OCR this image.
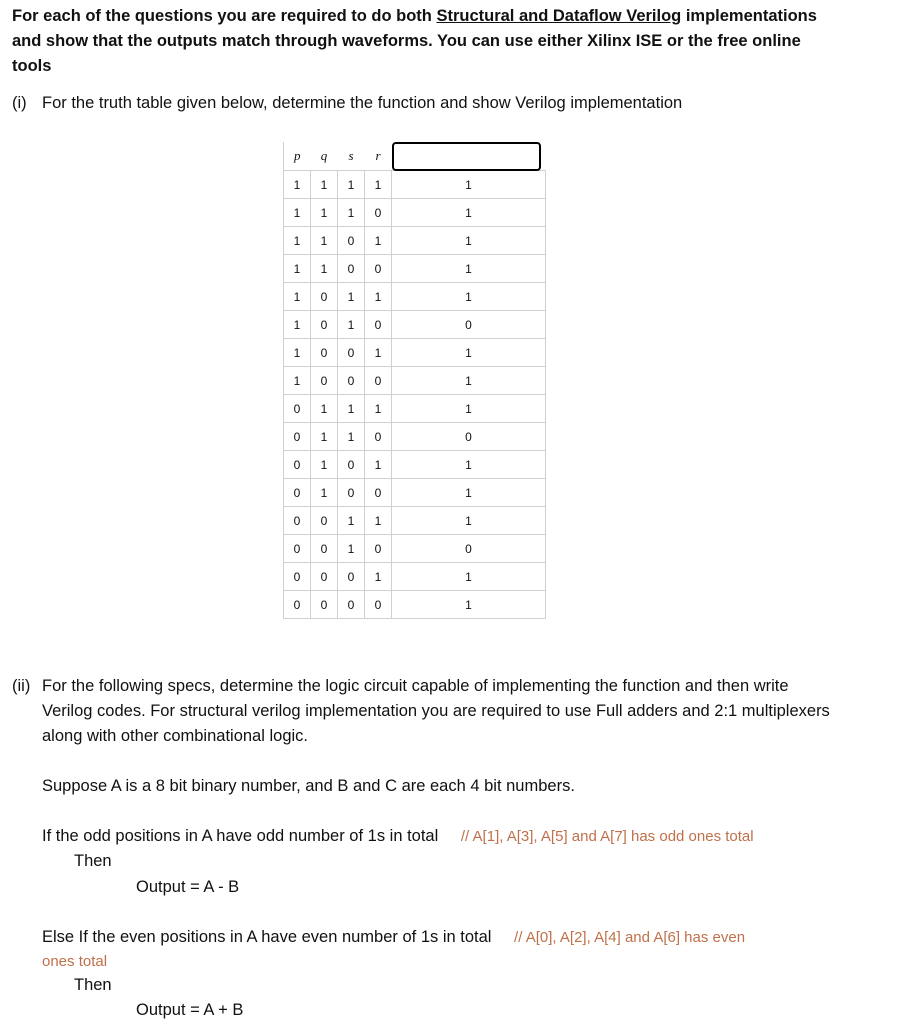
For each of the questions you are required to do both Structural and Dataflow Verilog implementations and show that the outputs match through waveforms. You can use either Xilinx ISE or the free online tools
(i) For the truth table given below, determine the function and show Verilog implementation
p	q	s	r	

1	1	1	1	1
1	1	1	0	1
1	1	0	1	1
1	1	0	0	1
1	0	1	1	1
1	0	1	0	0
1	0	0	1	1
1	0	0	0	1
0	1	1	1	1
0	1	1	0	0
0	1	0	1	1
0	1	0	0	1
0	0	1	1	1
0	0	1	0	0
0	0	0	1	1
0	0	0	0	1
(ii) For the following specs, determine the logic circuit capable of implementing the function and then write Verilog codes. For structural verilog implementation you are required to use Full adders and 2:1 multiplexers along with other combinational logic.
Suppose A is a 8 bit binary number, and B and C are each 4 bit numbers.
If the odd positions in A have odd number of 1s in total // A[1], A[3], A[5] and A[7] has odd ones total
Then
Output = A - B
Else If the even positions in A have even number of 1s in total // A[0], A[2], A[4] and A[6] has even
ones total
Then
Output = A + B
